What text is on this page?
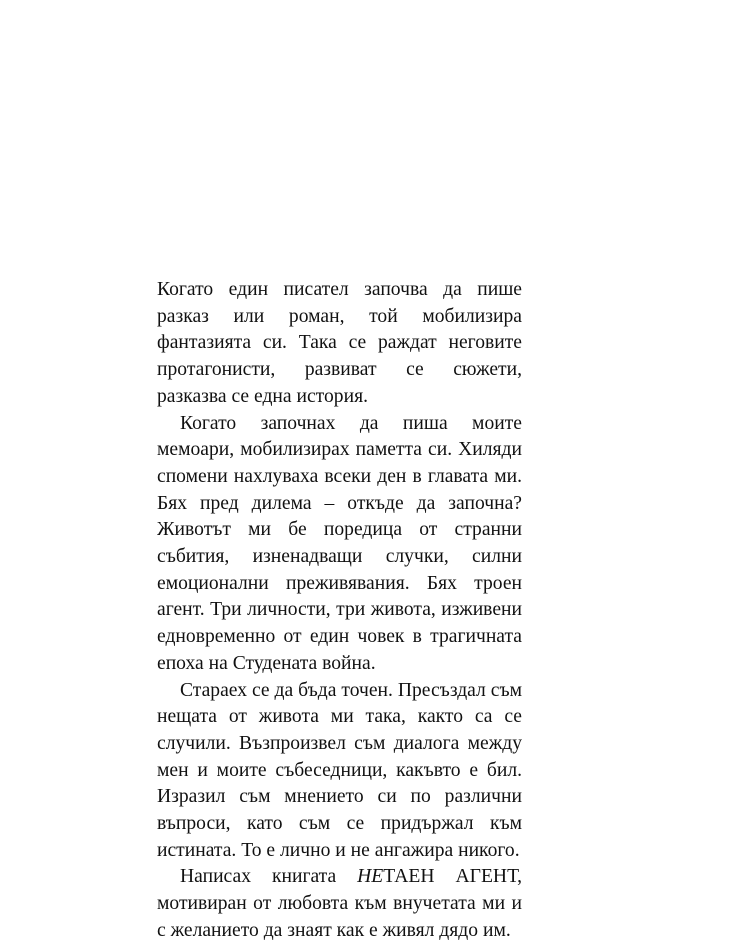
Когато един писател започва да пише разказ или роман, той мобилизира фантазията си. Така се раждат неговите протагонисти, развиват се сюжети, разказва се една история.

Когато започнах да пиша моите мемоари, мобилизирах паметта си. Хиляди спомени нахлуваха всеки ден в главата ми. Бях пред дилема – откъде да започна? Животът ми бе поредица от странни събития, изненадващи случки, силни емоционални преживявания. Бях троен агент. Три личности, три живота, изживени едновременно от един човек в трагичната епоха на Студената война.

Стараех се да бъда точен. Пресъздал съм нещата от живота ми така, както са се случили. Възпроизвел съм диалога между мен и моите събеседници, какъвто е бил. Изразил съм мнението си по различни въпроси, като съм се придържал към истината. То е лично и не ангажира никого.

Написах книгата НЕТАЕН АГЕНТ, мотивиран от любовта към внучетата ми и с желанието да знаят как е живял дядо им.
